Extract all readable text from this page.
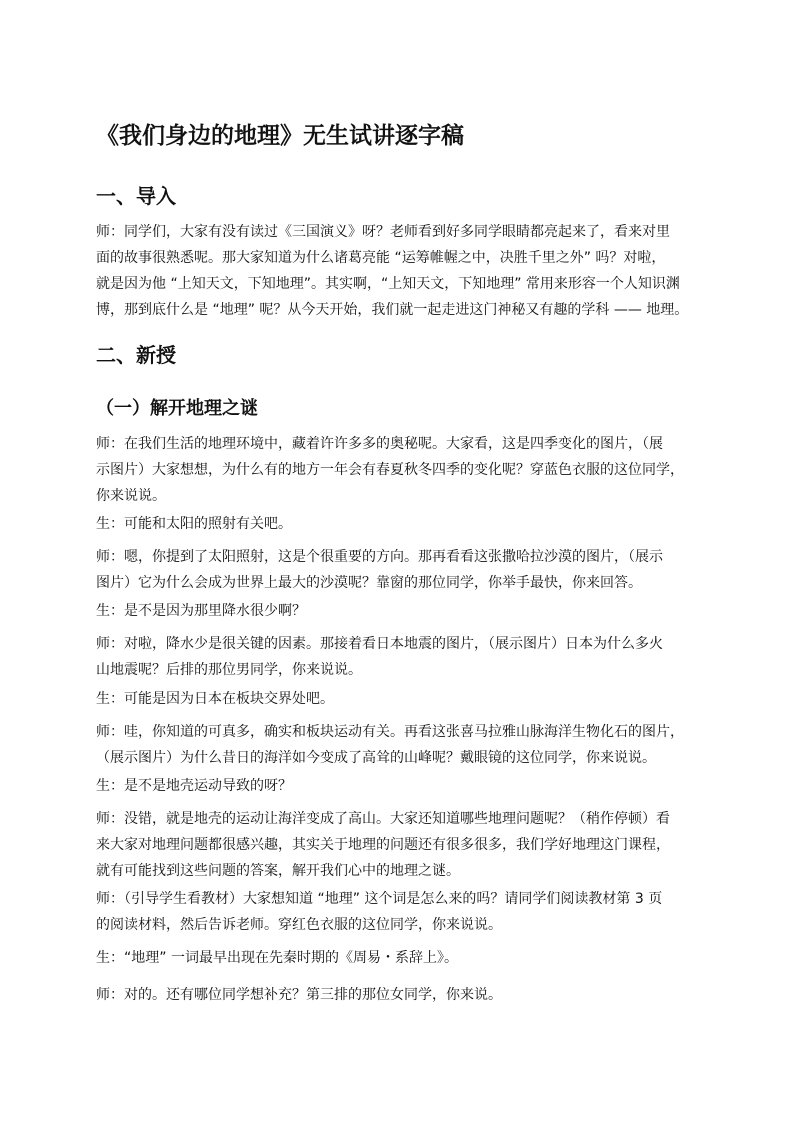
《我们身边的地理》无生试讲逐字稿
一、导入

师：同学们，大家有没有读过《三国演义》呀？老师看到好多同学眼睛都亮起来了，看来对里
面的故事很熟悉呢。那大家知道为什么诸葛亮能 “运筹帷幄之中，决胜千里之外” 吗？对啦，
就是因为他 “上知天文，下知地理”。其实啊，“上知天文，下知地理” 常用来形容一个人知识渊
博，那到底什么是 “地理” 呢？从今天开始，我们就一起走进这门神秘又有趣的学科 —— 地理。

二、新授
（一）解开地理之谜

师：在我们生活的地理环境中，藏着许许多多的奥秘呢。大家看，这是四季变化的图片，（展
示图片）大家想想，为什么有的地方一年会有春夏秋冬四季的变化呢？穿蓝色衣服的这位同学，
你来说说。

生：可能和太阳的照射有关吧。

师：嗯，你提到了太阳照射，这是个很重要的方向。那再看看这张撒哈拉沙漠的图片，（展示
图片）它为什么会成为世界上最大的沙漠呢？靠窗的那位同学，你举手最快，你来回答。

生：是不是因为那里降水很少啊？

师：对啦，降水少是很关键的因素。那接着看日本地震的图片，（展示图片）日本为什么多火
山地震呢？后排的那位男同学，你来说说。

生：可能是因为日本在板块交界处吧。

师：哇，你知道的可真多，确实和板块运动有关。再看这张喜马拉雅山脉海洋生物化石的图片，
（展示图片）为什么昔日的海洋如今变成了高耸的山峰呢？戴眼镜的这位同学，你来说说。

生：是不是地壳运动导致的呀？

师：没错，就是地壳的运动让海洋变成了高山。大家还知道哪些地理问题呢？（稍作停顿）看
来大家对地理问题都很感兴趣，其实关于地理的问题还有很多很多，我们学好地理这门课程，
就有可能找到这些问题的答案，解开我们心中的地理之谜。

师：（引导学生看教材）大家想知道 “地理” 这个词是怎么来的吗？请同学们阅读教材第 3 页
的阅读材料，然后告诉老师。穿红色衣服的这位同学，你来说说。

生：“地理” 一词最早出现在先秦时期的《周易・系辞上》。

师：对的。还有哪位同学想补充？第三排的那位女同学，你来说。
